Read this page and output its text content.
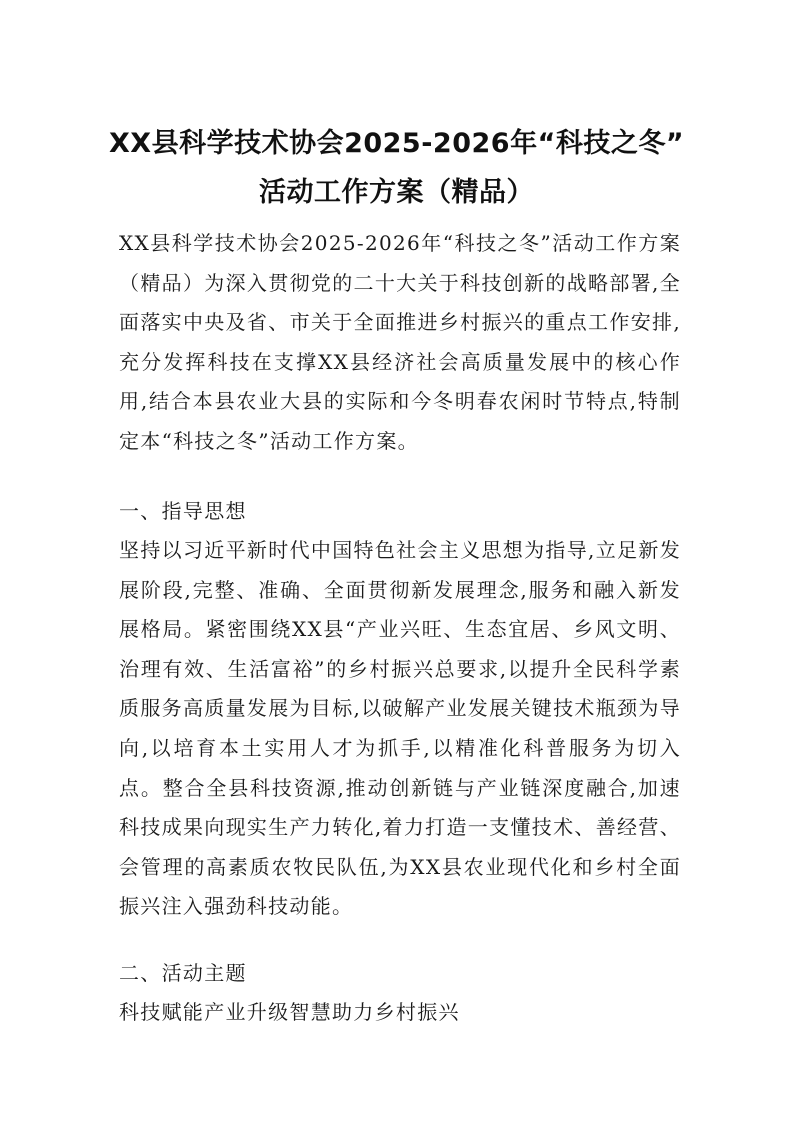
XX县科学技术协会2025-2026年“科技之冬”
活动工作方案（精品）

XX县科学技术协会2025-2026年“科技之冬”活动工作方案（精品）为深入贯彻党的二十大关于科技创新的战略部署,全面落实中央及省、市关于全面推进乡村振兴的重点工作安排,充分发挥科技在支撑XX县经济社会高质量发展中的核心作用,结合本县农业大县的实际和今冬明春农闲时节特点,特制定本“科技之冬”活动工作方案。

一、指导思想

坚持以习近平新时代中国特色社会主义思想为指导,立足新发展阶段,完整、准确、全面贯彻新发展理念,服务和融入新发展格局。紧密围绕XX县“产业兴旺、生态宜居、乡风文明、治理有效、生活富裕”的乡村振兴总要求,以提升全民科学素质服务高质量发展为目标,以破解产业发展关键技术瓶颈为导向,以培育本土实用人才为抓手,以精准化科普服务为切入点。整合全县科技资源,推动创新链与产业链深度融合,加速科技成果向现实生产力转化,着力打造一支懂技术、善经营、会管理的高素质农牧民队伍,为XX县农业现代化和乡村全面振兴注入强劲科技动能。

二、活动主题

科技赋能产业升级智慧助力乡村振兴
